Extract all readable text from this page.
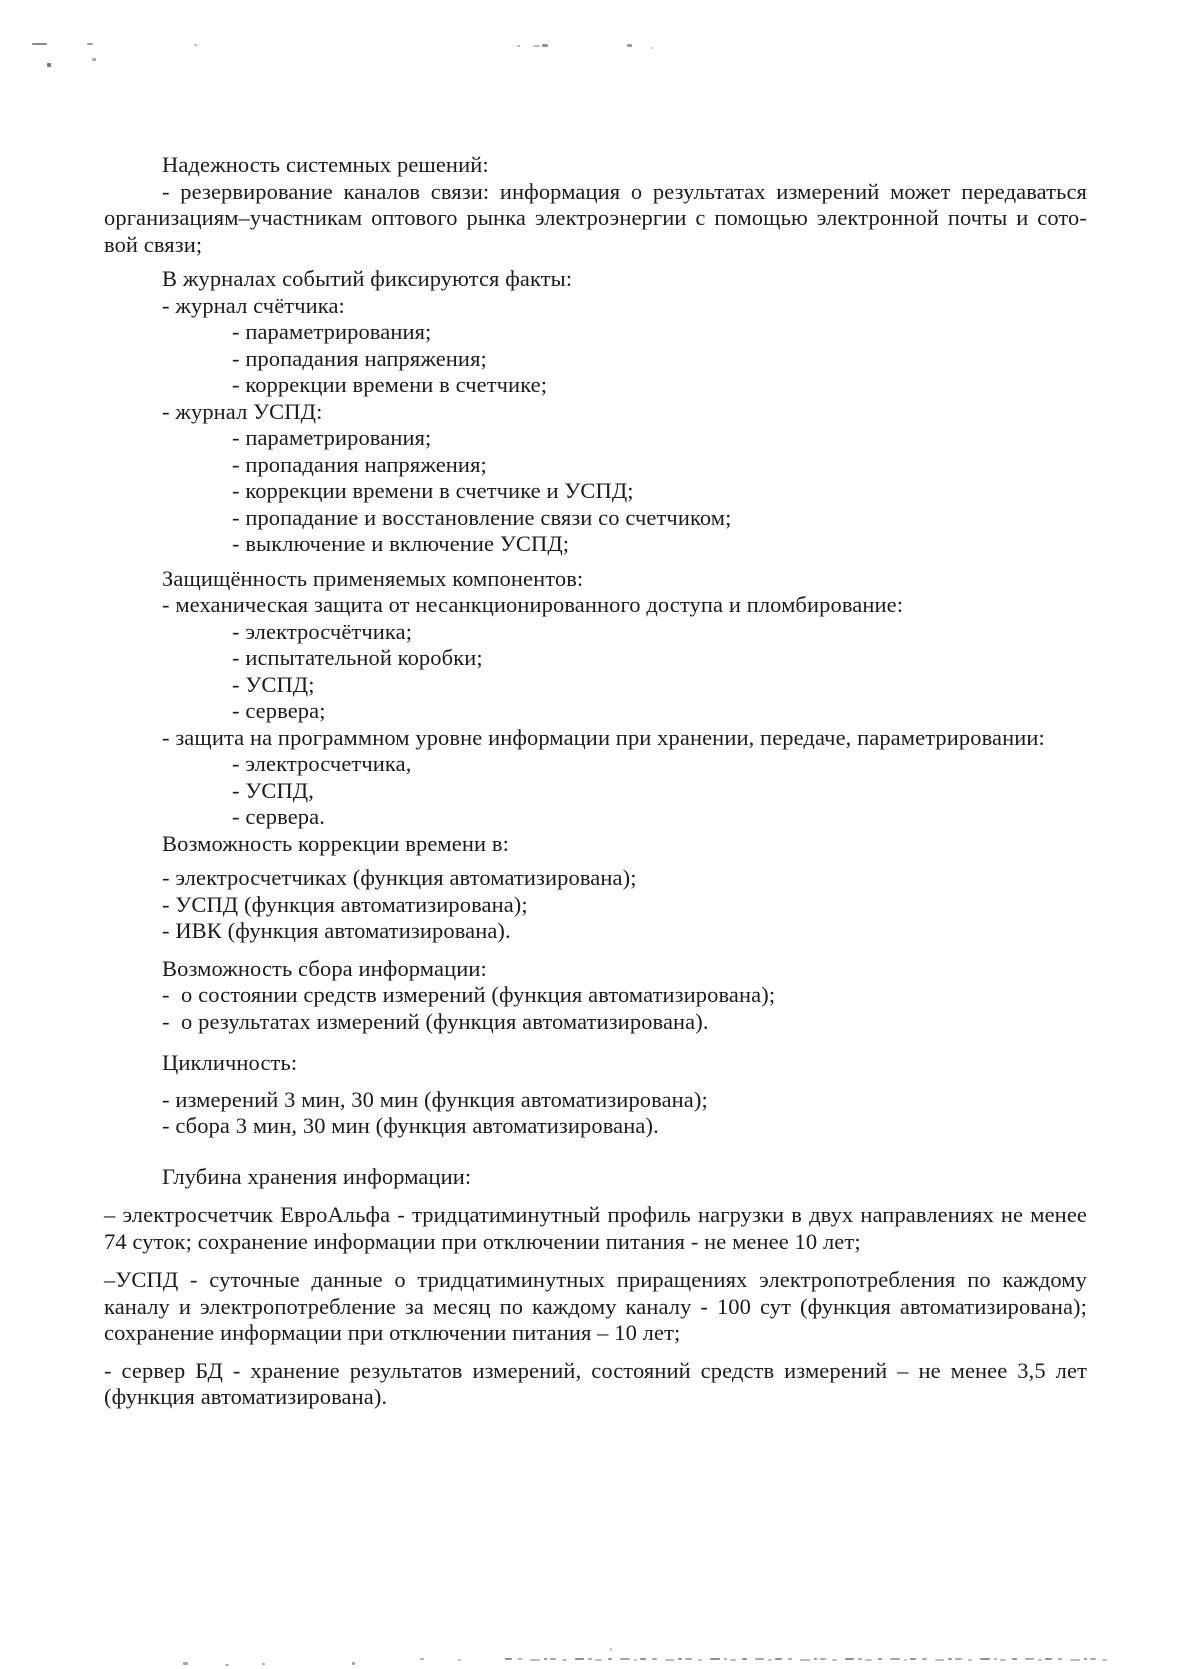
Надежность системных решений:
- резервирование каналов связи: информация о результатах измерений может передаваться
организациям–участникам оптового рынка электроэнергии с помощью электронной почты и сото-
вой связи;
В журналах событий фиксируются факты:
- журнал счётчика:
- параметрирования;
- пропадания напряжения;
- коррекции времени в счетчике;
- журнал УСПД:
- параметрирования;
- пропадания напряжения;
- коррекции времени в счетчике и УСПД;
- пропадание и восстановление связи со счетчиком;
- выключение и включение УСПД;
Защищённость применяемых компонентов:
- механическая защита от несанкционированного доступа и пломбирование:
- электросчётчика;
- испытательной коробки;
- УСПД;
- сервера;
- защита на программном уровне информации при хранении, передаче, параметрировании:
- электросчетчика,
- УСПД,
- сервера.
Возможность коррекции времени в:
- электросчетчиках (функция автоматизирована);
- УСПД (функция автоматизирована);
- ИВК (функция автоматизирована).
Возможность сбора информации:
-  о состоянии средств измерений (функция автоматизирована);
-  о результатах измерений (функция автоматизирована).
Цикличность:
- измерений 3 мин, 30 мин (функция автоматизирована);
- сбора 3 мин, 30 мин (функция автоматизирована).
Глубина хранения информации:
– электросчетчик ЕвроАльфа - тридцатиминутный профиль нагрузки в двух направлениях не менее
74 суток; сохранение информации при отключении питания - не менее 10 лет;
–УСПД - суточные данные о тридцатиминутных приращениях электропотребления по каждому
каналу и электропотребление за месяц по каждому каналу - 100 сут (функция автоматизирована);
сохранение информации при отключении питания – 10 лет;
- сервер БД - хранение результатов измерений, состояний средств измерений – не менее 3,5 лет
(функция автоматизирована).
